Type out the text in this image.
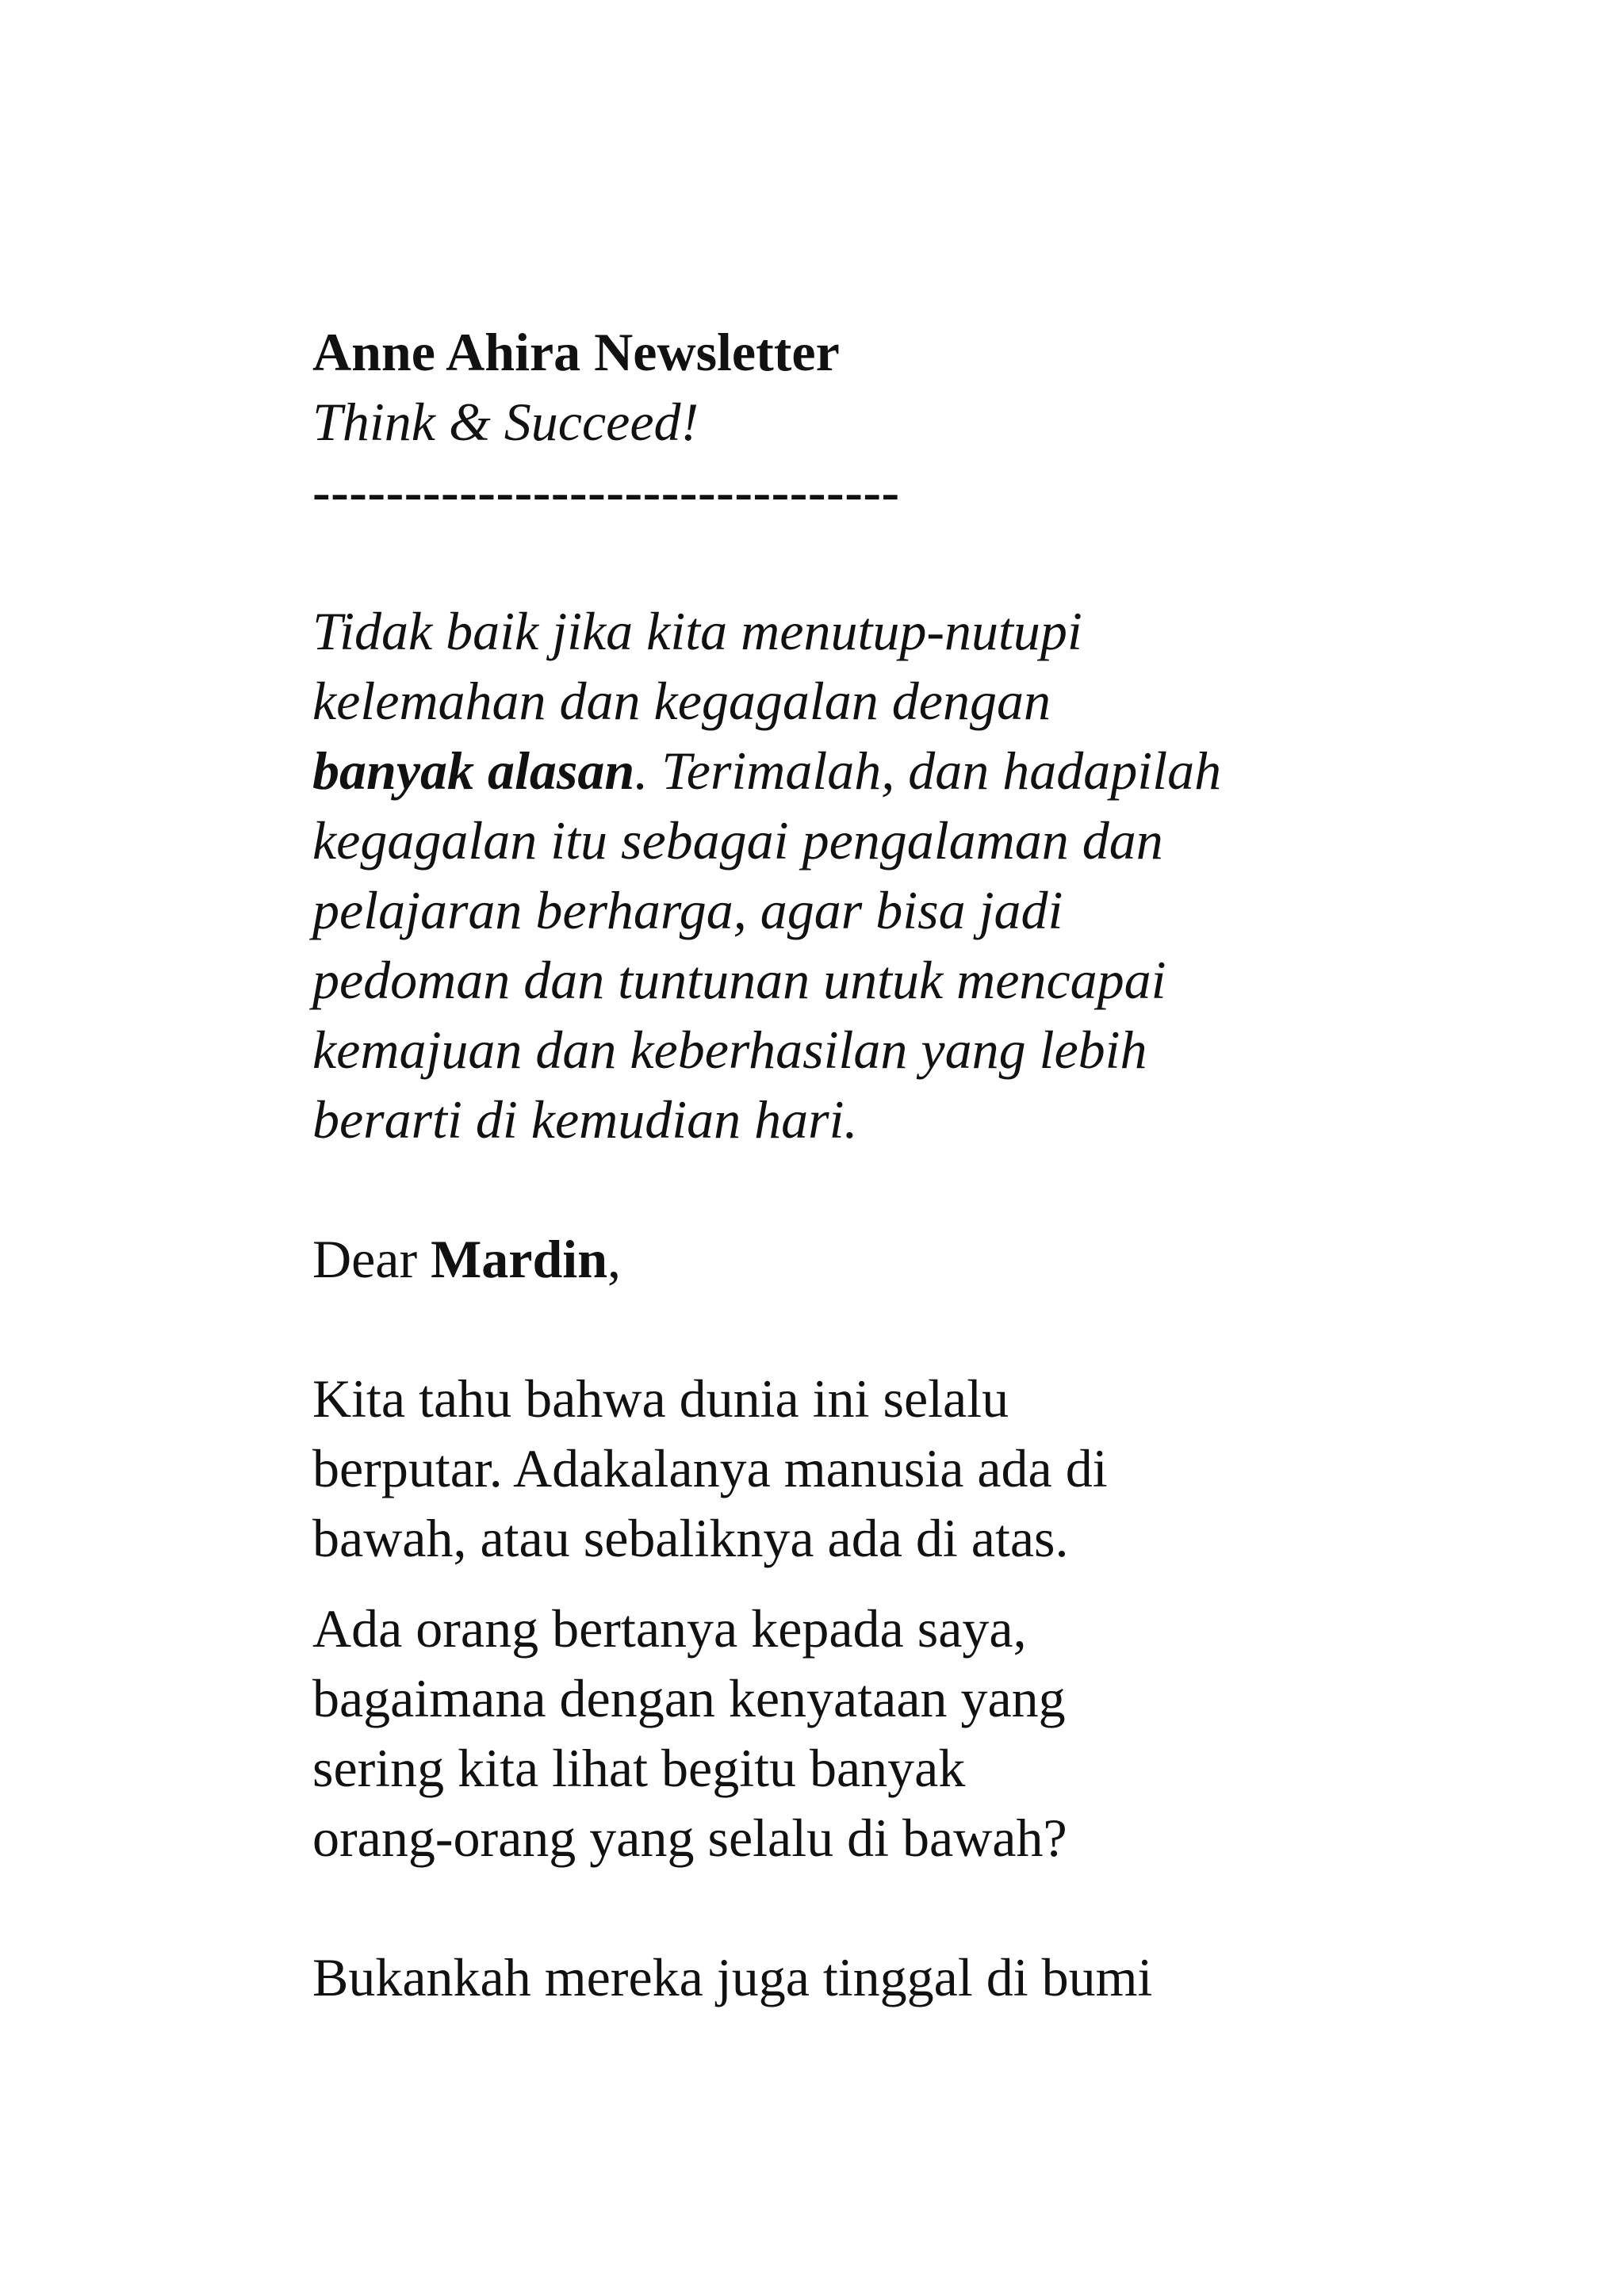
Anne Ahira Newsletter

Think & Succeed!

--------------------------------

Tidak baik jika kita menutup-nutupi

kelemahan dan kegagalan dengan

banyak alasan. Terimalah, dan hadapilah

kegagalan itu sebagai pengalaman dan

pelajaran berharga, agar bisa jadi

pedoman dan tuntunan untuk mencapai

kemajuan dan keberhasilan yang lebih

berarti di kemudian hari.

Dear Mardin,

Kita tahu bahwa dunia ini selalu

berputar. Adakalanya manusia ada di

bawah, atau sebaliknya ada di atas.

Ada orang bertanya kepada saya,

bagaimana dengan kenyataan yang

sering kita lihat begitu banyak

orang-orang yang selalu di bawah?

Bukankah mereka juga tinggal di bumi
